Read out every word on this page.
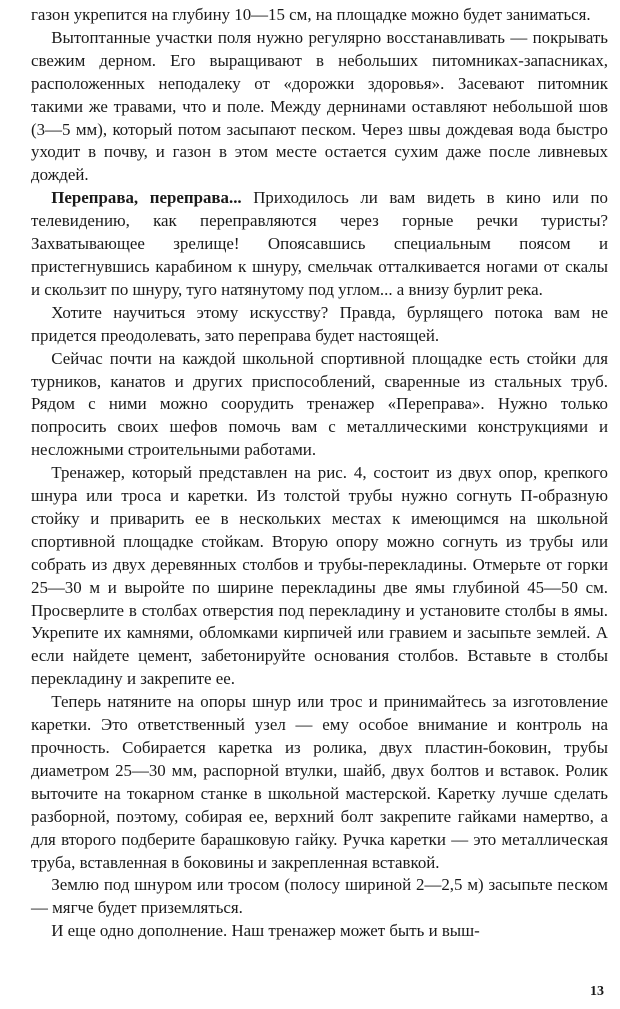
газон укрепится на глубину 10—15 см, на площадке можно будет заниматься.

Вытоптанные участки поля нужно регулярно восстанавливать — покрывать свежим дерном. Его выращивают в небольших питомниках-запасниках, расположенных неподалеку от «дорожки здоровья». Засевают питомник такими же травами, что и поле. Между дернинами оставляют небольшой шов (3—5 мм), который потом засыпают песком. Через швы дождевая вода быстро уходит в почву, и газон в этом месте остается сухим даже после ливневых дождей.

Переправа, переправа... Приходилось ли вам видеть в кино или по телевидению, как переправляются через горные речки туристы? Захватывающее зрелище! Опоясавшись специальным поясом и пристегнувшись карабином к шнуру, смельчак отталкивается ногами от скалы и скользит по шнуру, туго натянутому под углом... а внизу бурлит река.

Хотите научиться этому искусству? Правда, бурлящего потока вам не придется преодолевать, зато переправа будет настоящей.

Сейчас почти на каждой школьной спортивной площадке есть стойки для турников, канатов и других приспособлений, сваренные из стальных труб. Рядом с ними можно соорудить тренажер «Переправа». Нужно только попросить своих шефов помочь вам с металлическими конструкциями и несложными строительными работами.

Тренажер, который представлен на рис. 4, состоит из двух опор, крепкого шнура или троса и каретки. Из толстой трубы нужно согнуть П-образную стойку и приварить ее в нескольких местах к имеющимся на школьной спортивной площадке стойкам. Вторую опору можно согнуть из трубы или собрать из двух деревянных столбов и трубы-перекладины. Отмерьте от горки 25—30 м и выройте по ширине перекладины две ямы глубиной 45—50 см. Просверлите в столбах отверстия под перекладину и установите столбы в ямы. Укрепите их камнями, обломками кирпичей или гравием и засыпьте землей. А если найдете цемент, забетонируйте основания столбов. Вставьте в столбы перекладину и закрепите ее.

Теперь натяните на опоры шнур или трос и принимайтесь за изготовление каретки. Это ответственный узел — ему особое внимание и контроль на прочность. Собирается каретка из ролика, двух пластин-боковин, трубы диаметром 25—30 мм, распорной втулки, шайб, двух болтов и вставок. Ролик выточите на токарном станке в школьной мастерской. Каретку лучше сделать разборной, поэтому, собирая ее, верхний болт закрепите гайками намертво, а для второго подберите барашковую гайку. Ручка каретки — это металлическая труба, вставленная в боковины и закрепленная вставкой.

Землю под шнуром или тросом (полосу шириной 2—2,5 м) засыпьте песком — мягче будет приземляться.

И еще одно дополнение. Наш тренажер может быть и выш-

13
